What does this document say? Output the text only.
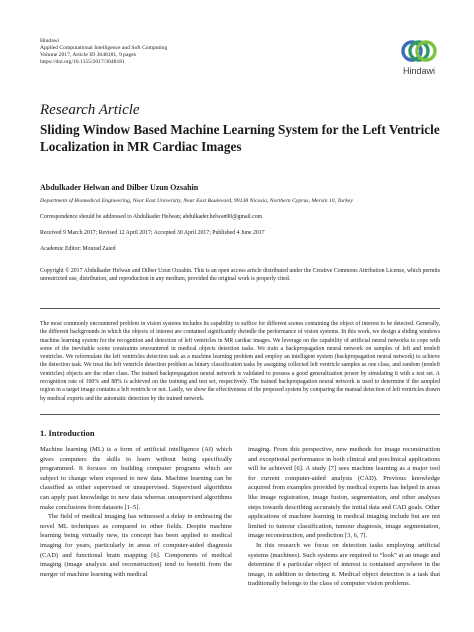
Hindawi
Applied Computational Intelligence and Soft Computing
Volume 2017, Article ID 3048181, 9 pages
https://doi.org/10.1155/2017/3048181
Hindawi
Research Article
Sliding Window Based Machine Learning System for the Left Ventricle Localization in MR Cardiac Images
Abdulkader Helwan and Dilber Uzun Ozsahin
Department of Biomedical Engineering, Near East University, Near East Boulevard, 99138 Nicosia, Northern Cyprus, Mersin 10, Turkey
Correspondence should be addressed to Abdulkader Helwan; abdulkader.helwan90@gmail.com
Received 9 March 2017; Revised 12 April 2017; Accepted 30 April 2017; Published 4 June 2017
Academic Editor: Mourad Zaied
Copyright © 2017 Abdulkader Helwan and Dilber Uzun Ozsahin. This is an open access article distributed under the Creative Commons Attribution License, which permits unrestricted use, distribution, and reproduction in any medium, provided the original work is properly cited.
The most commonly encountered problem in vision systems includes its capability to suffice for different scenes containing the object of interest to be detected. Generally, the different backgrounds in which the objects of interest are contained significantly dwindle the performance of vision systems. In this work, we design a sliding windows machine learning system for the recognition and detection of left ventricles in MR cardiac images. We leverage on the capability of artificial neural networks to cope with some of the inevitable scene constraints encountered in medical objects detection tasks. We train a backpropagation neural network on samples of left and nonleft ventricles. We reformulate the left ventricles detection task as a machine learning problem and employ an intelligent system (backpropagation neural network) to achieve the detection task. We treat the left ventricle detection problem as binary classification tasks by assigning collected left ventricle samples as one class, and random (nonleft ventricles) objects are the other class. The trained backpropagation neural network is validated to possess a good generalization power by simulating it with a test set. A recognition rate of 100% and 88% is achieved on the training and test set, respectively. The trained backpropagation neural network is used to determine if the sampled region in a target image contains a left ventricle or not. Lastly, we show the effectiveness of the proposed system by comparing the manual detection of left ventricles drawn by medical experts and the automatic detection by the trained network.
1. Introduction

Machine learning (ML) is a form of artificial intelligence (AI) which gives computers the skills to learn without being specifically programmed. It focuses on building computer programs which are subject to change when exposed to new data. Machine learning can be classified as either supervised or unsupervised. Supervised algorithms can apply past knowledge to new data whereas unsupervised algorithms make conclusions from datasets [1–5].

The field of medical imaging has witnessed a delay in embracing the novel ML techniques as compared to other fields. Despite machine learning being virtually new, its concept has been applied to medical imaging for years, particularly in areas of computer-aided diagnosis (CAD) and functional brain mapping [6]. Components of medical imaging (image analysis and reconstruction) tend to benefit from the merger of machine learning with medical

imaging. From this perspective, new methods for image reconstruction and exceptional performance in both clinical and preclinical applications will be achieved [6]. A study [7] sees machine learning as a major tool for current computer-aided analysis (CAD). Previous knowledge acquired from examples provided by medical experts has helped in areas like image registration, image fusion, segmentation, and other analyses steps towards describing accurately the initial data and CAD goals. Other applications of machine learning in medical imaging include but are not limited to tumour classification, tumour diagnosis, image segmentation, image reconstruction, and prediction [3, 6, 7].

In this research we focus on detection tasks employing artificial systems (machines). Such systems are required to “look” at an image and determine if a particular object of interest is contained anywhere in the image, in addition to detecting it. Medical object detection is a task that traditionally belongs to the class of computer vision problems.
